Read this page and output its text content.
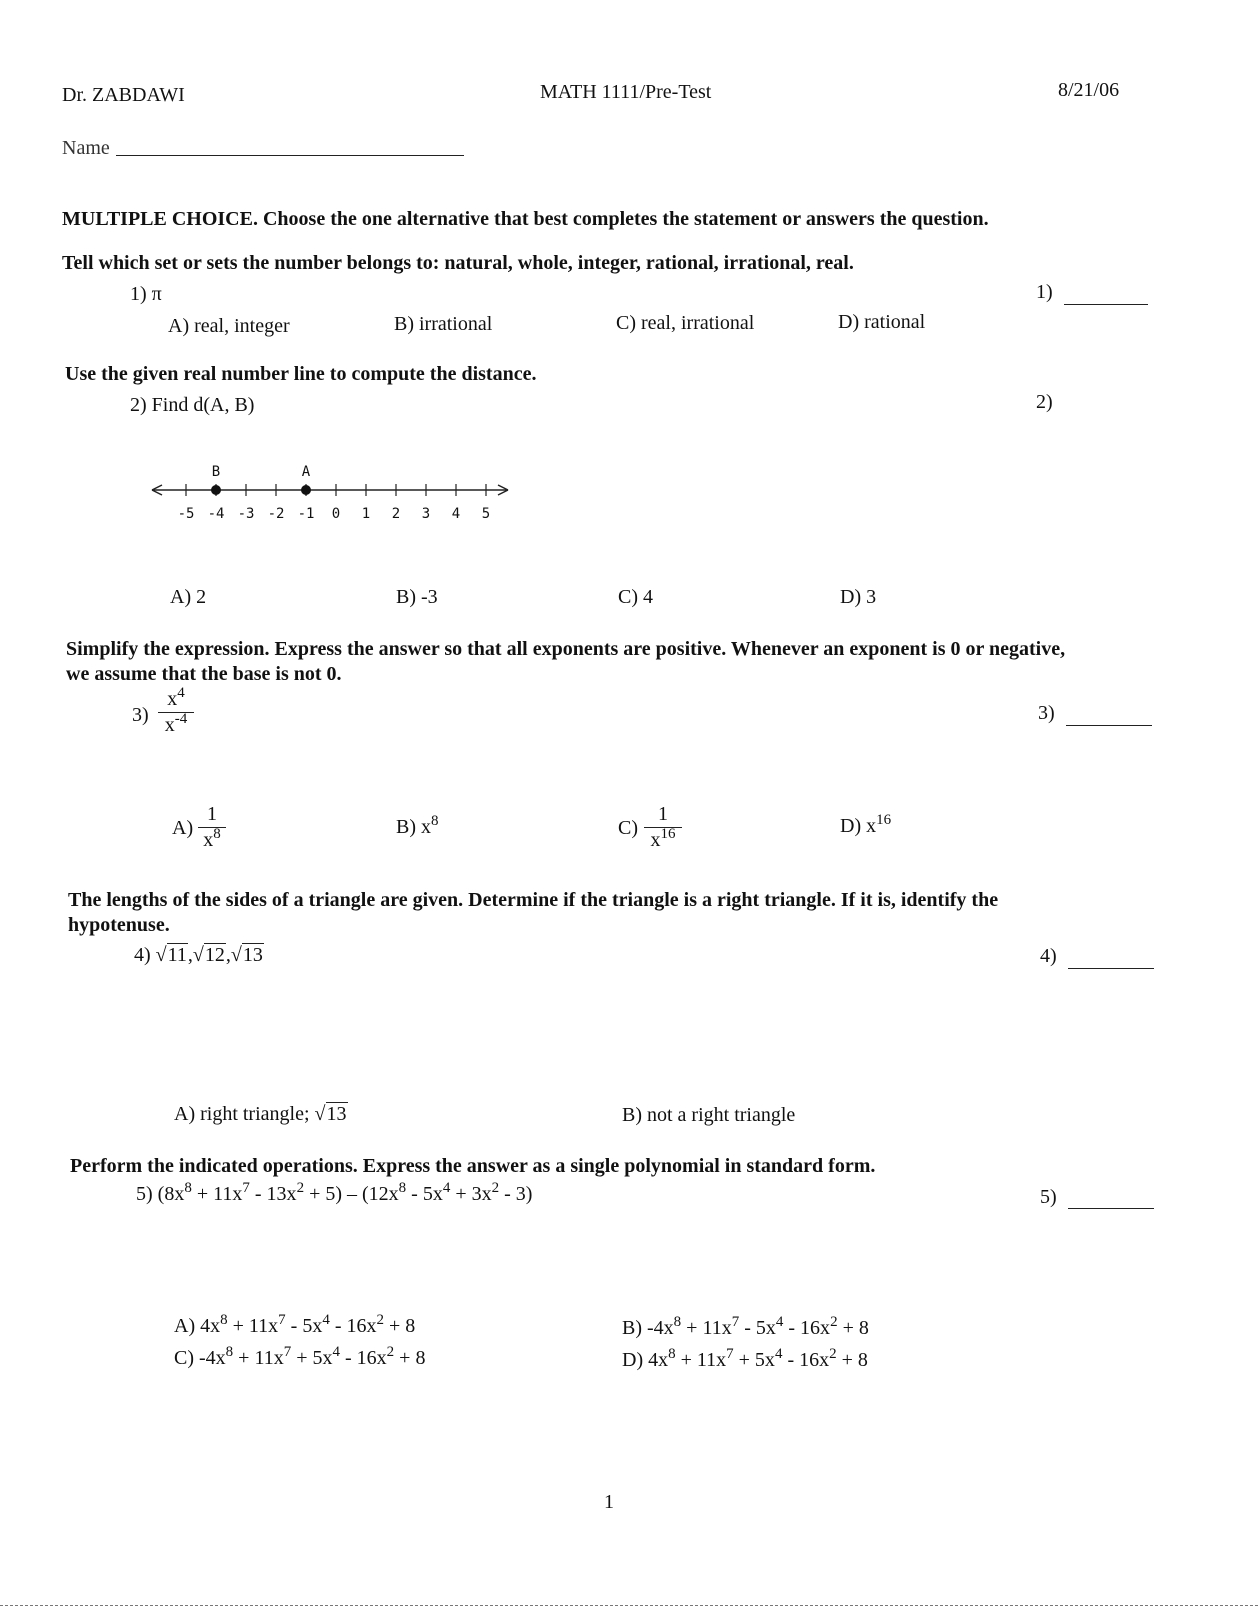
Dr. ZABDAWI	MATH 1111/Pre-Test	8/21/06
Name
MULTIPLE CHOICE. Choose the one alternative that best completes the statement or answers the question.
Tell which set or sets the number belongs to: natural, whole, integer, rational, irrational, real.
1) π	1)
A) real, integer	B) irrational	C) real, irrational	D) rational
Use the given real number line to compute the distance.
2) Find d(A, B)	2)
-5 -4 -3 -2 -1 0 1 2 3 4 5
B	A
A) 2	B) -3	C) 4	D) 3
Simplify the expression. Express the answer so that all exponents are positive. Whenever an exponent is 0 or negative,
we assume that the base is not 0.
3)
$x^4$
$x^{-4}$	3)
A)
1
$x^8$	B) $x^8$	C)
1
$x^{16}$	D) $x^{16}$
The lengths of the sides of a triangle are given. Determine if the triangle is a right triangle. If it is, identify the
hypotenuse.
4) √11,√12,√13	4)
A) right triangle; √13	B) not a right triangle
Perform the indicated operations. Express the answer as a single polynomial in standard form.
5) $(8x^8 + 11x^7 - 13x^2 + 5) - (12x^8 - 5x^4 + 3x^2 - 3)$	5)
A) $4x^8 + 11x^7 - 5x^4 - 16x^2 + 8$	B) $-4x^8 + 11x^7 - 5x^4 - 16x^2 + 8$
C) $-4x^8 + 11x^7 + 5x^4 - 16x^2 + 8$	D) $4x^8 + 11x^7 + 5x^4 - 16x^2 + 8$
1
